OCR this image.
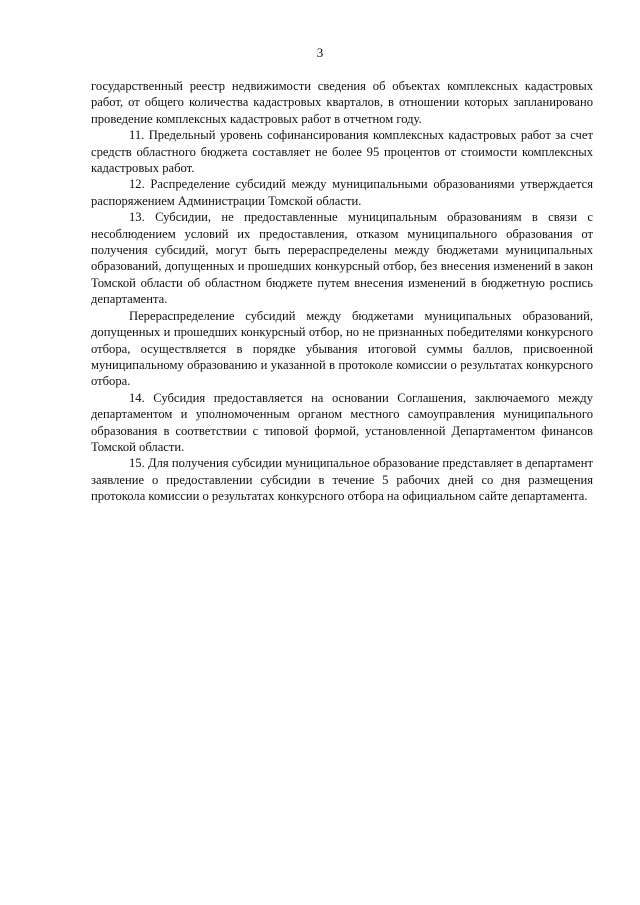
3

государственный реестр недвижимости сведения об объектах комплексных кадастровых работ, от общего количества кадастровых кварталов, в отношении которых запланировано проведение комплексных кадастровых работ в отчетном году.

11. Предельный уровень софинансирования комплексных кадастровых работ за счет средств областного бюджета составляет не более 95 процентов от стоимости комплексных кадастровых работ.

12. Распределение субсидий между муниципальными образованиями утверждается распоряжением Администрации Томской области.

13. Субсидии, не предоставленные муниципальным образованиям в связи с несоблюдением условий их предоставления, отказом муниципального образования от получения субсидий, могут быть перераспределены между бюджетами муниципальных образований, допущенных и прошедших конкурсный отбор, без внесения изменений в закон Томской области об областном бюджете путем внесения изменений в бюджетную роспись департамента.

Перераспределение субсидий между бюджетами муниципальных образований, допущенных и прошедших конкурсный отбор, но не признанных победителями конкурсного отбора, осуществляется в порядке убывания итоговой суммы баллов, присвоенной муниципальному образованию и указанной в протоколе комиссии о результатах конкурсного отбора.

14. Субсидия предоставляется на основании Соглашения, заключаемого между департаментом и уполномоченным органом местного самоуправления муниципального образования в соответствии с типовой формой, установленной Департаментом финансов Томской области.

15. Для получения субсидии муниципальное образование представляет в департамент заявление о предоставлении субсидии в течение 5 рабочих дней со дня размещения протокола комиссии о результатах конкурсного отбора на официальном сайте департамента.
